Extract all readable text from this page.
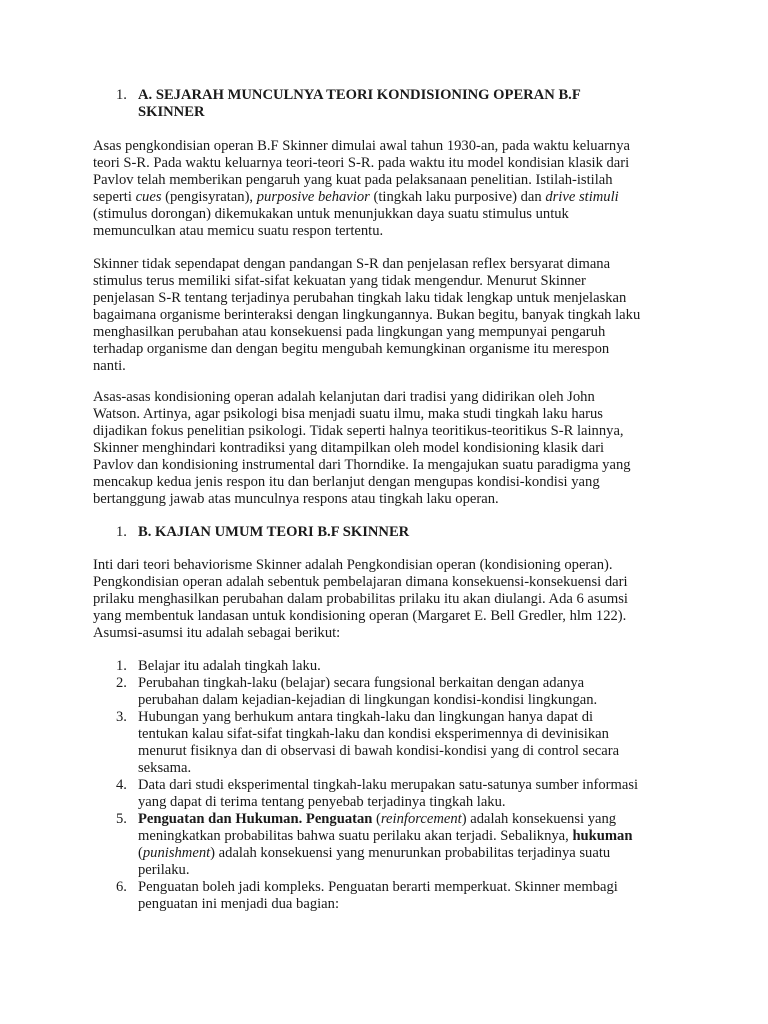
1. A. SEJARAH MUNCULNYA TEORI KONDISIONING OPERAN B.F
SKINNER
Asas pengkondisian operan B.F Skinner dimulai awal tahun 1930-an, pada waktu keluarnya
teori S-R. Pada waktu keluarnya teori-teori S-R. pada waktu itu model kondisian klasik dari
Pavlov telah memberikan pengaruh yang kuat pada pelaksanaan penelitian. Istilah-istilah
seperti cues (pengisyratan), purposive behavior (tingkah laku purposive) dan drive stimuli
(stimulus dorongan) dikemukakan untuk menunjukkan daya suatu stimulus untuk
memunculkan atau memicu suatu respon tertentu.
Skinner tidak sependapat dengan pandangan S-R dan penjelasan reflex bersyarat dimana
stimulus terus memiliki sifat-sifat kekuatan yang tidak mengendur. Menurut Skinner
penjelasan S-R tentang terjadinya perubahan tingkah laku tidak lengkap untuk menjelaskan
bagaimana organisme berinteraksi dengan lingkungannya. Bukan begitu, banyak tingkah laku
menghasilkan perubahan atau konsekuensi pada lingkungan yang mempunyai pengaruh
terhadap organisme dan dengan begitu mengubah kemungkinan organisme itu merespon
nanti.
Asas-asas kondisioning operan adalah kelanjutan dari tradisi yang didirikan oleh John
Watson. Artinya, agar psikologi bisa menjadi suatu ilmu, maka studi tingkah laku harus
dijadikan fokus penelitian psikologi. Tidak seperti halnya teoritikus-teoritikus S-R lainnya,
Skinner menghindari kontradiksi yang ditampilkan oleh model kondisioning klasik dari
Pavlov dan kondisioning instrumental dari Thorndike. Ia mengajukan suatu paradigma yang
mencakup kedua jenis respon itu dan berlanjut dengan mengupas kondisi-kondisi yang
bertanggung jawab atas munculnya respons atau tingkah laku operan.
1. B. KAJIAN UMUM TEORI B.F SKINNER
Inti dari teori behaviorisme Skinner adalah Pengkondisian operan (kondisioning operan).
Pengkondisian operan adalah sebentuk pembelajaran dimana konsekuensi-konsekuensi dari
prilaku menghasilkan perubahan dalam probabilitas prilaku itu akan diulangi. Ada 6 asumsi
yang membentuk landasan untuk kondisioning operan (Margaret E. Bell Gredler, hlm 122).
Asumsi-asumsi itu adalah sebagai berikut:
1. Belajar itu adalah tingkah laku.
2. Perubahan tingkah-laku (belajar) secara fungsional berkaitan dengan adanya
perubahan dalam kejadian-kejadian di lingkungan kondisi-kondisi lingkungan.
3. Hubungan yang berhukum antara tingkah-laku dan lingkungan hanya dapat di
tentukan kalau sifat-sifat tingkah-laku dan kondisi eksperimennya di devinisikan
menurut fisiknya dan di observasi di bawah kondisi-kondisi yang di control secara
seksama.
4. Data dari studi eksperimental tingkah-laku merupakan satu-satunya sumber informasi
yang dapat di terima tentang penyebab terjadinya tingkah laku.
5. Penguatan dan Hukuman. Penguatan (reinforcement) adalah konsekuensi yang
meningkatkan probabilitas bahwa suatu perilaku akan terjadi. Sebaliknya, hukuman
(punishment) adalah konsekuensi yang menurunkan probabilitas terjadinya suatu
perilaku.
6. Penguatan boleh jadi kompleks. Penguatan berarti memperkuat. Skinner membagi
penguatan ini menjadi dua bagian:
